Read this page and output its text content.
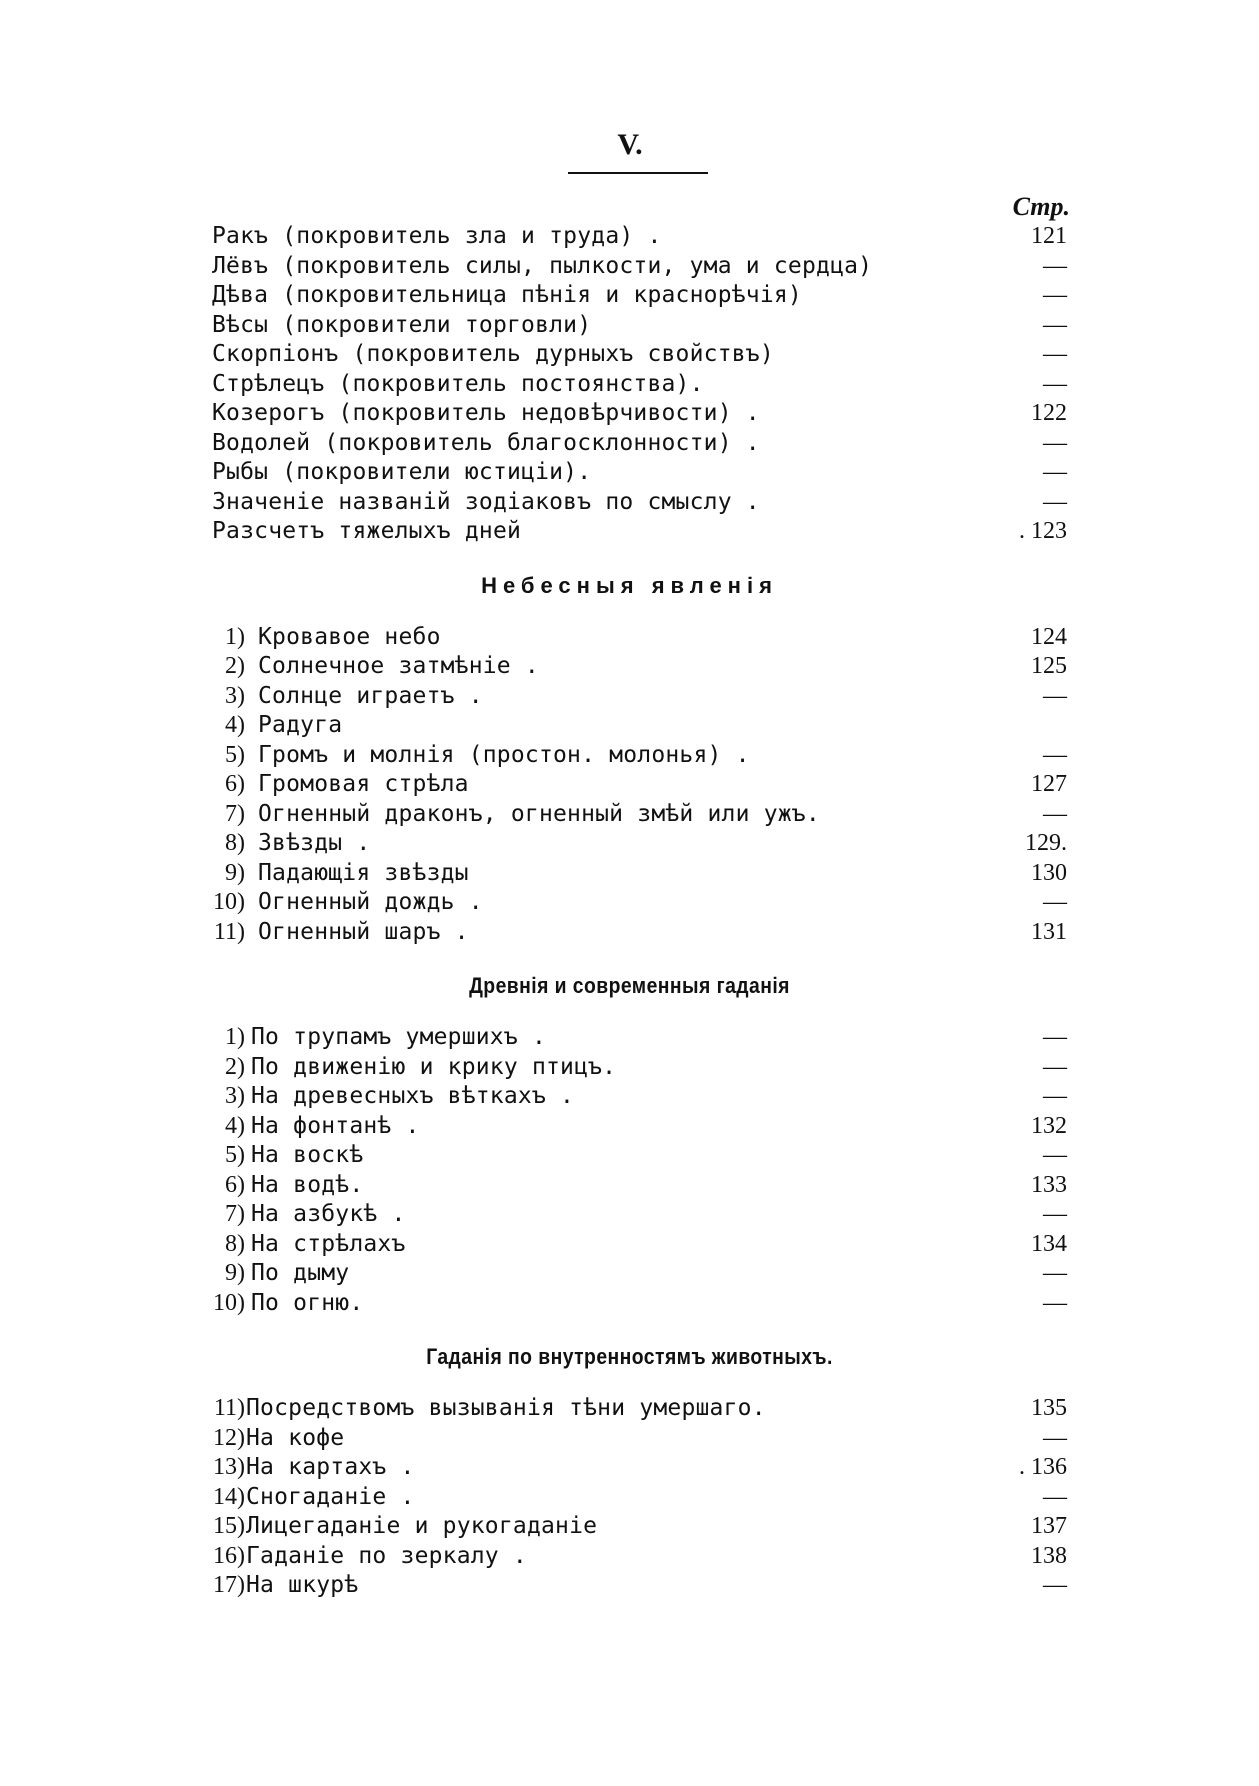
V.
Стр.
Ракъ (покровитель зла и труда) .	121
Лёвъ (покровитель силы, пылкости, ума и сердца)	—
Дѣва (покровительница пѣнія и краснорѣчія)	—
Вѣсы (покровители торговли)	—
Скорпіонъ (покровитель дурныхъ свойствъ)	—
Стрѣлецъ (покровитель постоянства).	—
Козерогъ (покровитель недовѣрчивости) .	122
Водолей (покровитель благосклонности) .	—
Рыбы (покровители юстиціи).	—
Значеніе названій зодіаковъ по смыслу .	—
Разсчетъ тяжелыхъ дней	. 123
Небесныя явленія
1) Кровавое небо	124
2) Солнечное затмѣніе .	125
3) Солнце играетъ .	—
4) Радуга
5) Громъ и молнія (простон. молонья) .	—
6) Громовая стрѣла	127
7) Огненный драконъ, огненный змѣй или ужъ.	—
8) Звѣзды .	129.
9) Падающія звѣзды	130
10) Огненный дождь .	—
11) Огненный шаръ .	131
Древнія и современныя гаданія
1) По трупамъ умершихъ .	—
2) По движенію и крику птицъ.	—
3) На древесныхъ вѣткахъ .	—
4) На фонтанѣ .	132
5) На воскѣ	—
6) На водѣ.	133
7) На азбукѣ .	—
8) На стрѣлахъ	134
9) По дыму	—
10) По огню.	—
Гаданія по внутренностямъ животныхъ.
11) Посредствомъ вызыванія тѣни умершаго.	135
12) На кофе	—
13) На картахъ .	. 136
14) Сногаданіе .	—
15) Лицегаданіе и рукогаданіе	137
16) Гаданіе по зеркалу .	138
17) На шкурѣ	—
